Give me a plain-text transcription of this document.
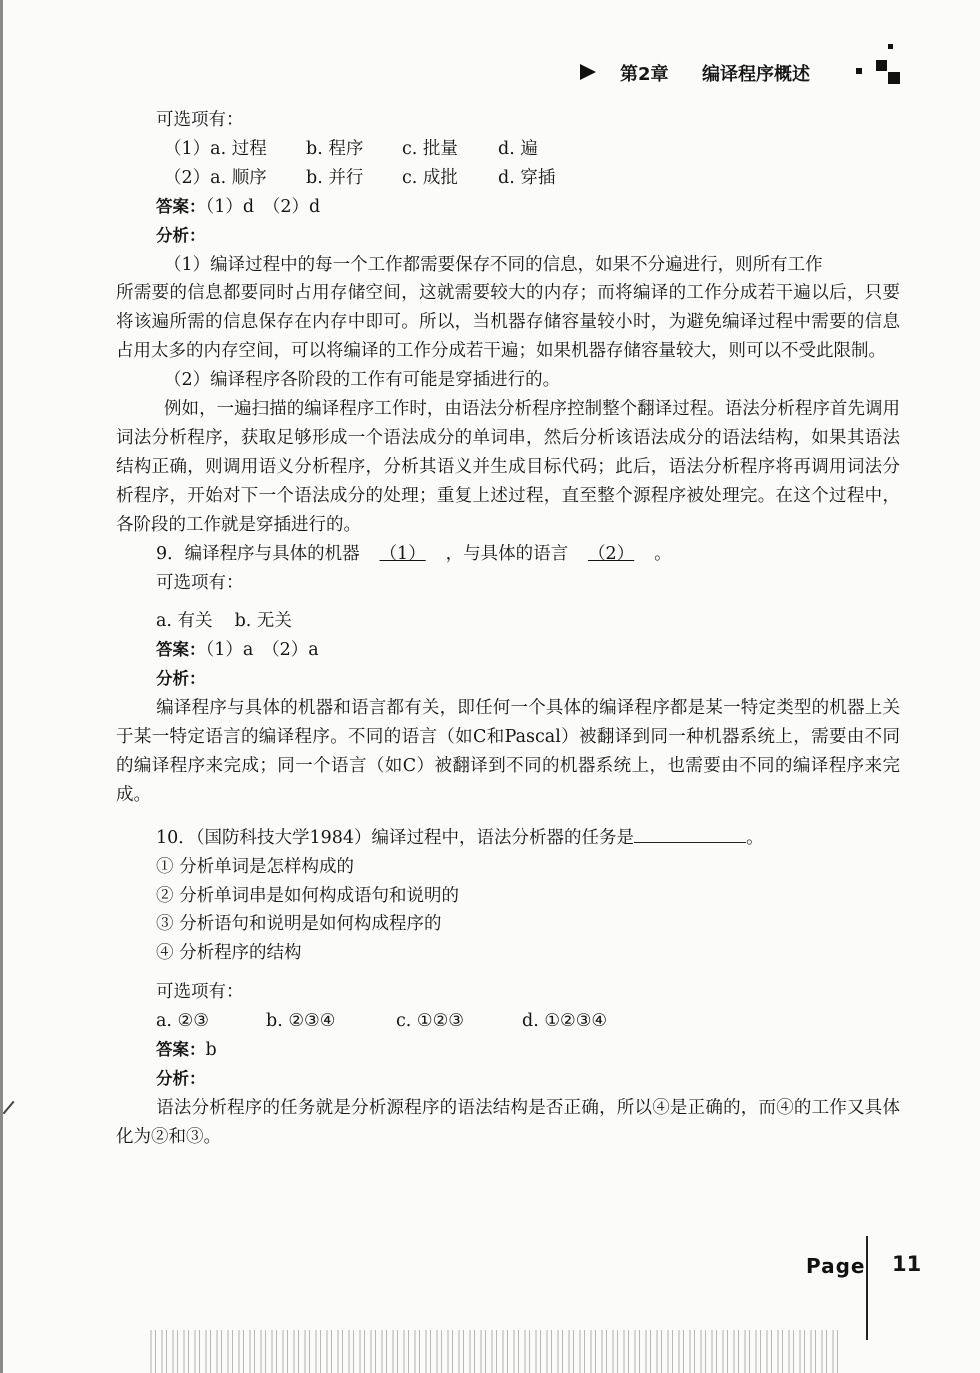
第2章 编译程序概述
可选项有：
（1）a. 过程 b. 程序 c. 批量 d. 遍
（2）a. 顺序 b. 并行 c. 成批 d. 穿插
答案：（1）d　（2）d
分析：
（1）编译过程中的每一个工作都需要保存不同的信息，如果不分遍进行，则所有工作
所需要的信息都要同时占用存储空间，这就需要较大的内存；而将编译的工作分成若干遍以后，只要将该遍所需的信息保存在内存中即可。所以，当机器存储容量较小时，为避免编译过程中需要的信息占用太多的内存空间，可以将编译的工作分成若干遍；如果机器存储容量较大，则可以不受此限制。
（2）编译程序各阶段的工作有可能是穿插进行的。
例如，一遍扫描的编译程序工作时，由语法分析程序控制整个翻译过程。语法分析程序首先调用词法分析程序，获取足够形成一个语法成分的单词串，然后分析该语法成分的语法结构，如果其语法结构正确，则调用语义分析程序，分析其语义并生成目标代码；此后，语法分析程序将再调用词法分析程序，开始对下一个语法成分的处理；重复上述过程，直至整个源程序被处理完。在这个过程中，各阶段的工作就是穿插进行的。
9．编译程序与具体的机器 （1） ，与具体的语言 （2） 。
可选项有：
a. 有关 b. 无关
答案：（1）a　（2）a
分析：
编译程序与具体的机器和语言都有关，即任何一个具体的编译程序都是某一特定类型的机器上关于某一特定语言的编译程序。不同的语言（如C和Pascal）被翻译到同一种机器系统上，需要由不同的编译程序来完成；同一个语言（如C）被翻译到不同的机器系统上，也需要由不同的编译程序来完成。
10．（国防科技大学1984）编译过程中，语法分析器的任务是	。
① 分析单词是怎样构成的
② 分析单词串是如何构成语句和说明的
③ 分析语句和说明是如何构成程序的
④ 分析程序的结构
可选项有：
a. ②③	b. ②③④	c. ①②③	d. ①②③④
答案：b
分析：
语法分析程序的任务就是分析源程序的语法结构是否正确，所以④是正确的，而④的工作又具体化为②和③。
Page 11
